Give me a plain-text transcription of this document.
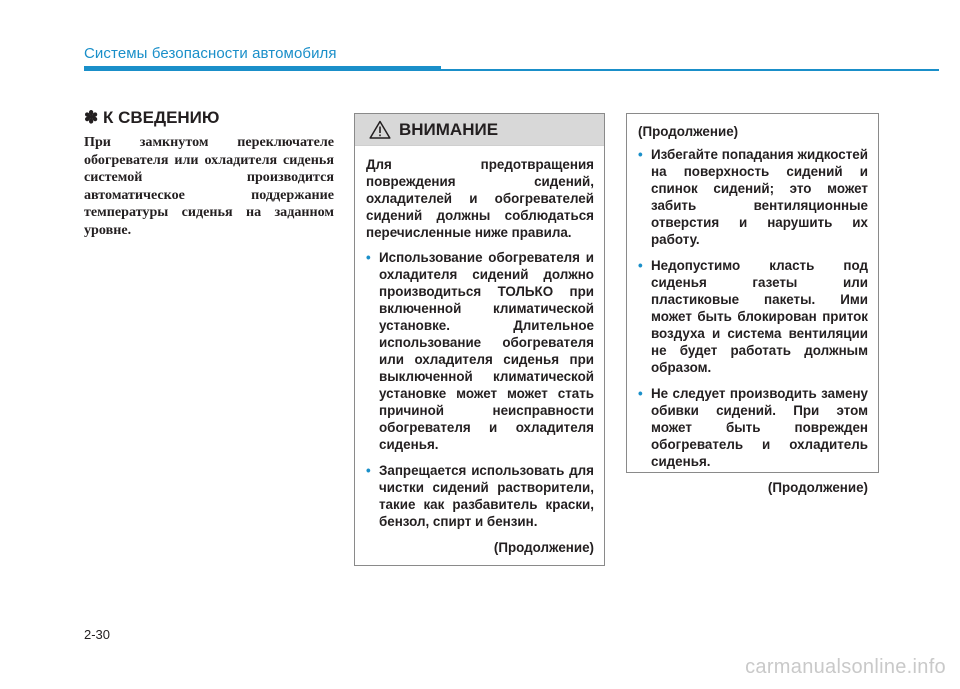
Системы безопасности автомобиля
✽ К СВЕДЕНИЮ

При замкнутом переключателе обогревателя или охладителя сиденья системой производится автоматическое поддержание температуры сиденья на заданном уровне.

ВНИМАНИЕ

Для предотвращения повреждения сидений, охладителей и обогревателей сидений должны соблюдаться перечисленные ниже правила.

• Использование обогревателя и охладителя сидений должно производиться ТОЛЬКО при включенной климатической установке. Длительное использование обогревателя или охладителя сиденья при выключенной климатической установке может может стать причиной неисправности обогревателя и охладителя сиденья.
• Запрещается использовать для чистки сидений растворители, такие как разбавитель краски, бензол, спирт и бензин.

(Продолжение)

(Продолжение)

• Избегайте попадания жидкостей на поверхность сидений и спинок сидений; это может забить вентиляционные отверстия и нарушить их работу.
• Недопустимо класть под сиденья газеты или пластиковые пакеты. Ими может быть блокирован приток воздуха и система вентиляции не будет работать должным образом.
• Не следует производить замену обивки сидений. При этом может быть поврежден обогреватель и охладитель сиденья.

(Продолжение)

2-30
carmanualsonline.info
